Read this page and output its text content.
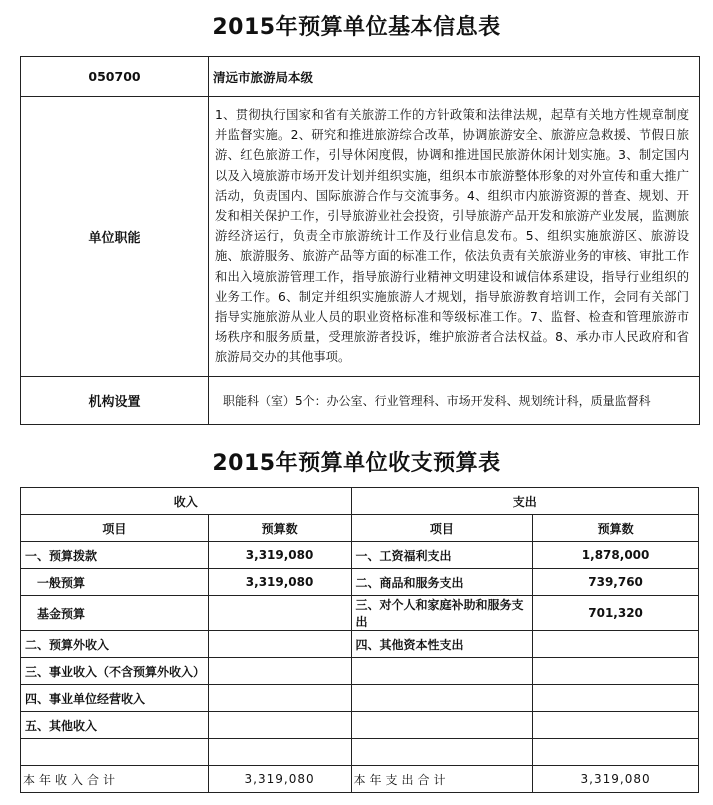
2015年预算单位基本信息表
050700	清远市旅游局本级
单位职能	1、贯彻执行国家和省有关旅游工作的方针政策和法律法规，起草有关地方性规章制度并监督实施。2、研究和推进旅游综合改革，协调旅游安全、旅游应急救援、节假日旅游、红色旅游工作，引导休闲度假，协调和推进国民旅游休闲计划实施。3、制定国内以及入境旅游市场开发计划并组织实施，组织本市旅游整体形象的对外宣传和重大推广活动，负责国内、国际旅游合作与交流事务。4、组织市内旅游资源的普查、规划、开发和相关保护工作，引导旅游业社会投资，引导旅游产品开发和旅游产业发展，监测旅游经济运行，负责全市旅游统计工作及行业信息发布。5、组织实施旅游区、旅游设施、旅游服务、旅游产品等方面的标准工作，依法负责有关旅游业务的审核、审批工作和出入境旅游管理工作，指导旅游行业精神文明建设和诚信体系建设，指导行业组织的业务工作。6、制定并组织实施旅游人才规划，指导旅游教育培训工作，会同有关部门指导实施旅游从业人员的职业资格标准和等级标准工作。7、监督、检查和管理旅游市场秩序和服务质量，受理旅游者投诉，维护旅游者合法权益。8、承办市人民政府和省旅游局交办的其他事项。
机构设置	职能科（室）5个：办公室、行业管理科、市场开发科、规划统计科，质量监督科
2015年预算单位收支预算表
收入		支出	
项目	预算数	项目	预算数
一、预算拨款	3,319,080	一、工资福利支出	1,878,000
一般预算	3,319,080	二、商品和服务支出	739,760
基金预算		三、对个人和家庭补助和服务支出	701,320
二、预算外收入		四、其他资本性支出	
三、事业收入（不含预算外收入）			
四、事业单位经营收入			
五、其他收入			

本年收入合计	3,319,080	本年支出合计	3,319,080
